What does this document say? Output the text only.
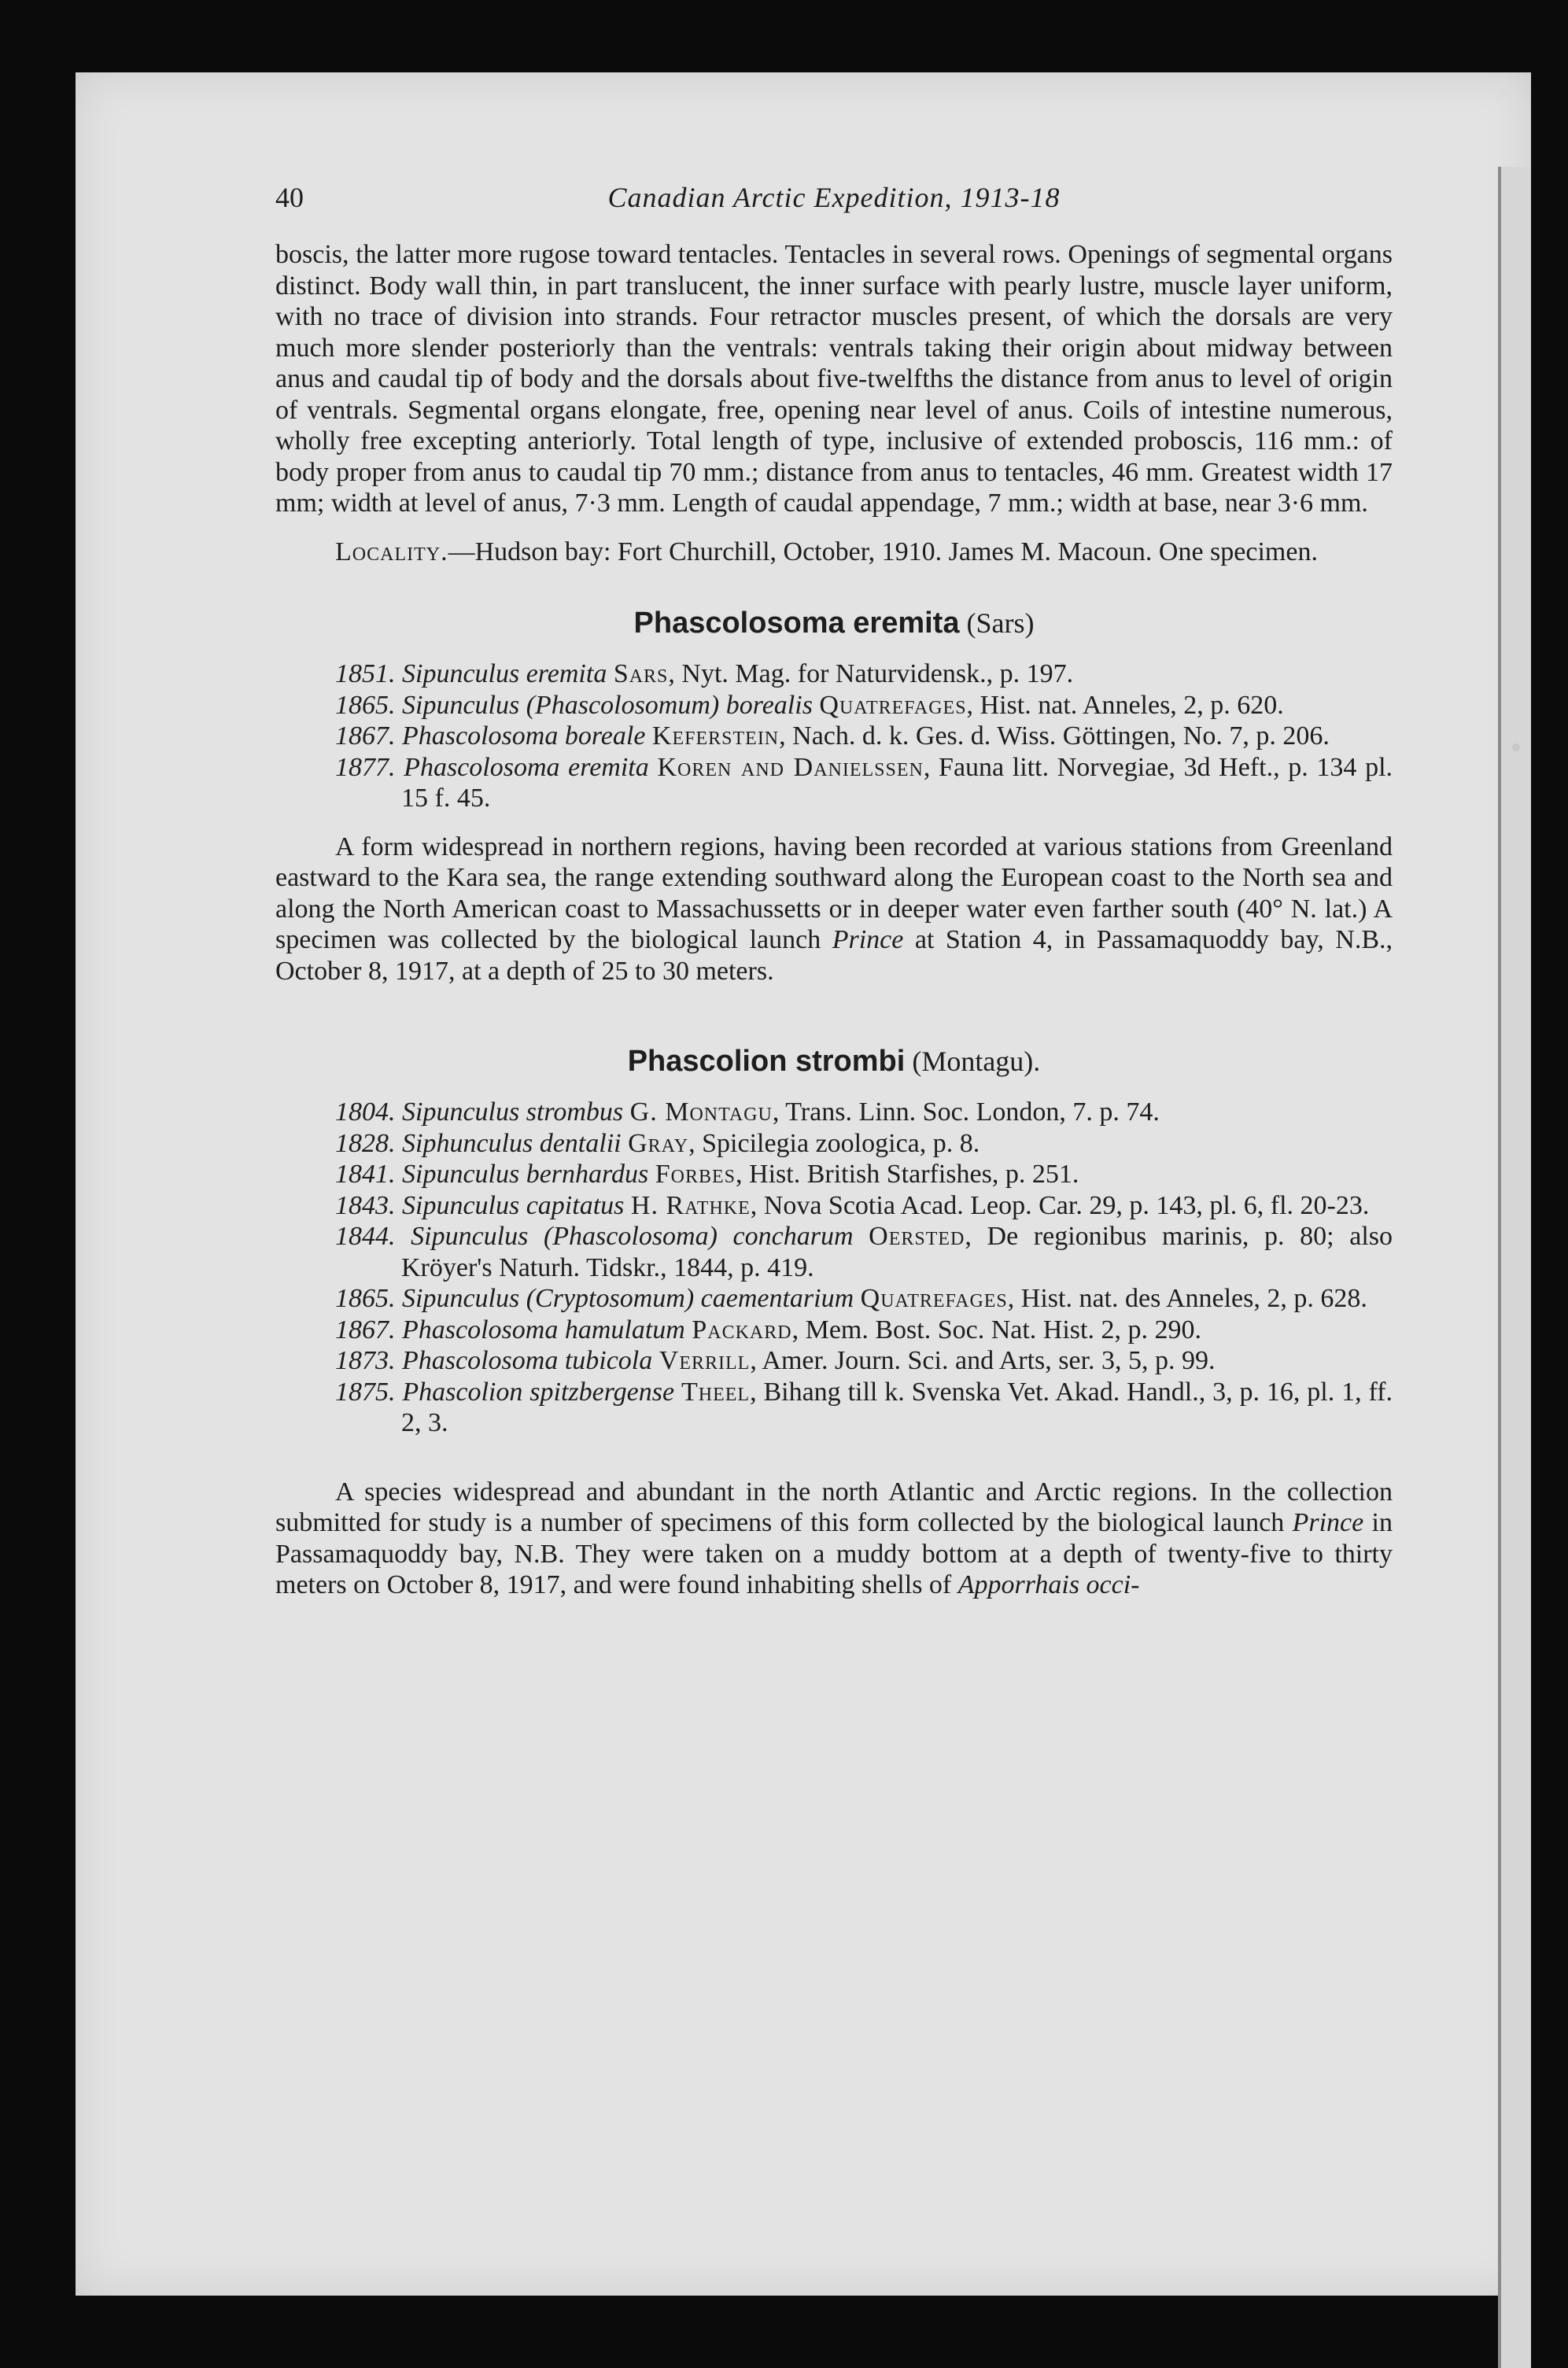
40	Canadian Arctic Expedition, 1913-18

boscis, the latter more rugose toward tentacles. Tentacles in several rows. Openings of segmental organs distinct. Body wall thin, in part translucent, the inner surface with pearly lustre, muscle layer uniform, with no trace of division into strands. Four retractor muscles present, of which the dorsals are very much more slender posteriorly than the ventrals: ventrals taking their origin about midway between anus and caudal tip of body and the dorsals about five-twelfths the distance from anus to level of origin of ventrals. Segmental organs elongate, free, opening near level of anus. Coils of intestine numerous, wholly free excepting anteriorly. Total length of type, inclusive of extended proboscis, 116 mm.: of body proper from anus to caudal tip 70 mm.; distance from anus to tentacles, 46 mm. Greatest width 17 mm; width at level of anus, 7·3 mm. Length of caudal appendage, 7 mm.; width at base, near 3·6 mm.

Locality.—Hudson bay: Fort Churchill, October, 1910. James M. Macoun. One specimen.

Phascolosoma eremita (Sars)
1851. Sipunculus eremita Sars, Nyt. Mag. for Naturvidensk., p. 197.
1865. Sipunculus (Phascolosomum) borealis Quatrefages, Hist. nat. Anneles, 2, p. 620.
1867. Phascolosoma boreale Keferstein, Nach. d. k. Ges. d. Wiss. Göttingen, No. 7, p. 206.
1877. Phascolosoma eremita Koren and Danielssen, Fauna litt. Norvegiae, 3d Heft., p. 134 pl. 15 f. 45.

A form widespread in northern regions, having been recorded at various stations from Greenland eastward to the Kara sea, the range extending southward along the European coast to the North sea and along the North American coast to Massachussetts or in deeper water even farther south (40° N. lat.) A specimen was collected by the biological launch Prince at Station 4, in Passamaquoddy bay, N.B., October 8, 1917, at a depth of 25 to 30 meters.

Phascolion strombi (Montagu).
1804. Sipunculus strombus G. Montagu, Trans. Linn. Soc. London, 7. p. 74.
1828. Siphunculus dentalii Gray, Spicilegia zoologica, p. 8.
1841. Sipunculus bernhardus Forbes, Hist. British Starfishes, p. 251.
1843. Sipunculus capitatus H. Rathke, Nova Scotia Acad. Leop. Car. 29, p. 143, pl. 6, fl. 20-23.
1844. Sipunculus (Phascolosoma) concharum Oersted, De regionibus marinis, p. 80; also Kröyer's Naturh. Tidskr., 1844, p. 419.
1865. Sipunculus (Cryptosomum) caementarium Quatrefages, Hist. nat. des Anneles, 2, p. 628.
1867. Phascolosoma hamulatum Packard, Mem. Bost. Soc. Nat. Hist. 2, p. 290.
1873. Phascolosoma tubicola Verrill, Amer. Journ. Sci. and Arts, ser. 3, 5, p. 99.
1875. Phascolion spitzbergense Theel, Bihang till k. Svenska Vet. Akad. Handl., 3, p. 16, pl. 1, ff. 2, 3.

A species widespread and abundant in the north Atlantic and Arctic regions. In the collection submitted for study is a number of specimens of this form collected by the biological launch Prince in Passamaquoddy bay, N.B. They were taken on a muddy bottom at a depth of twenty-five to thirty meters on October 8, 1917, and were found inhabiting shells of Apporrhais occi-
